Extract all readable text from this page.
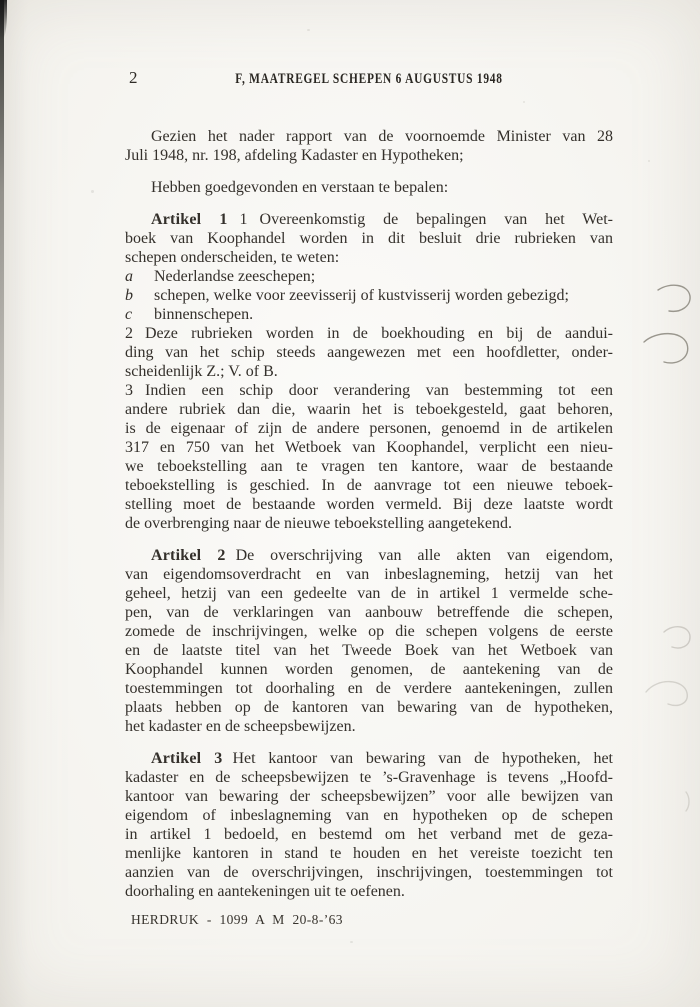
2	F, MAATREGEL SCHEPEN 6 AUGUSTUS 1948
Gezien het nader rapport van de voornoemde Minister van 28
Juli 1948, nr. 198, afdeling Kadaster en Hypotheken;
Hebben goedgevonden en verstaan te bepalen:
Artikel 1 1 Overeenkomstig de bepalingen van het Wet-
boek van Koophandel worden in dit besluit drie rubrieken van
schepen onderscheiden, te weten:
a Nederlandse zeeschepen;
b schepen, welke voor zeevisserij of kustvisserij worden gebezigd;
c binnenschepen.
2 Deze rubrieken worden in de boekhouding en bij de aandui-
ding van het schip steeds aangewezen met een hoofdletter, onder-
scheidenlijk Z.; V. of B.
3 Indien een schip door verandering van bestemming tot een
andere rubriek dan die, waarin het is teboekgesteld, gaat behoren,
is de eigenaar of zijn de andere personen, genoemd in de artikelen
317 en 750 van het Wetboek van Koophandel, verplicht een nieu-
we teboekstelling aan te vragen ten kantore, waar de bestaande
teboekstelling is geschied. In de aanvrage tot een nieuwe teboek-
stelling moet de bestaande worden vermeld. Bij deze laatste wordt
de overbrenging naar de nieuwe teboekstelling aangetekend.
Artikel 2 De overschrijving van alle akten van eigendom,
van eigendomsoverdracht en van inbeslagneming, hetzij van het
geheel, hetzij van een gedeelte van de in artikel 1 vermelde sche-
pen, van de verklaringen van aanbouw betreffende die schepen,
zomede de inschrijvingen, welke op die schepen volgens de eerste
en de laatste titel van het Tweede Boek van het Wetboek van
Koophandel kunnen worden genomen, de aantekening van de
toestemmingen tot doorhaling en de verdere aantekeningen, zullen
plaats hebben op de kantoren van bewaring van de hypotheken,
het kadaster en de scheepsbewijzen.
Artikel 3 Het kantoor van bewaring van de hypotheken, het
kadaster en de scheepsbewijzen te ’s-Gravenhage is tevens „Hoofd-
kantoor van bewaring der scheepsbewijzen” voor alle bewijzen van
eigendom of inbeslagneming van en hypotheken op de schepen
in artikel 1 bedoeld, en bestemd om het verband met de geza-
menlijke kantoren in stand te houden en het vereiste toezicht ten
aanzien van de overschrijvingen, inschrijvingen, toestemmingen tot
doorhaling en aantekeningen uit te oefenen.
HERDRUK - 1099 A M 20-8-’63
